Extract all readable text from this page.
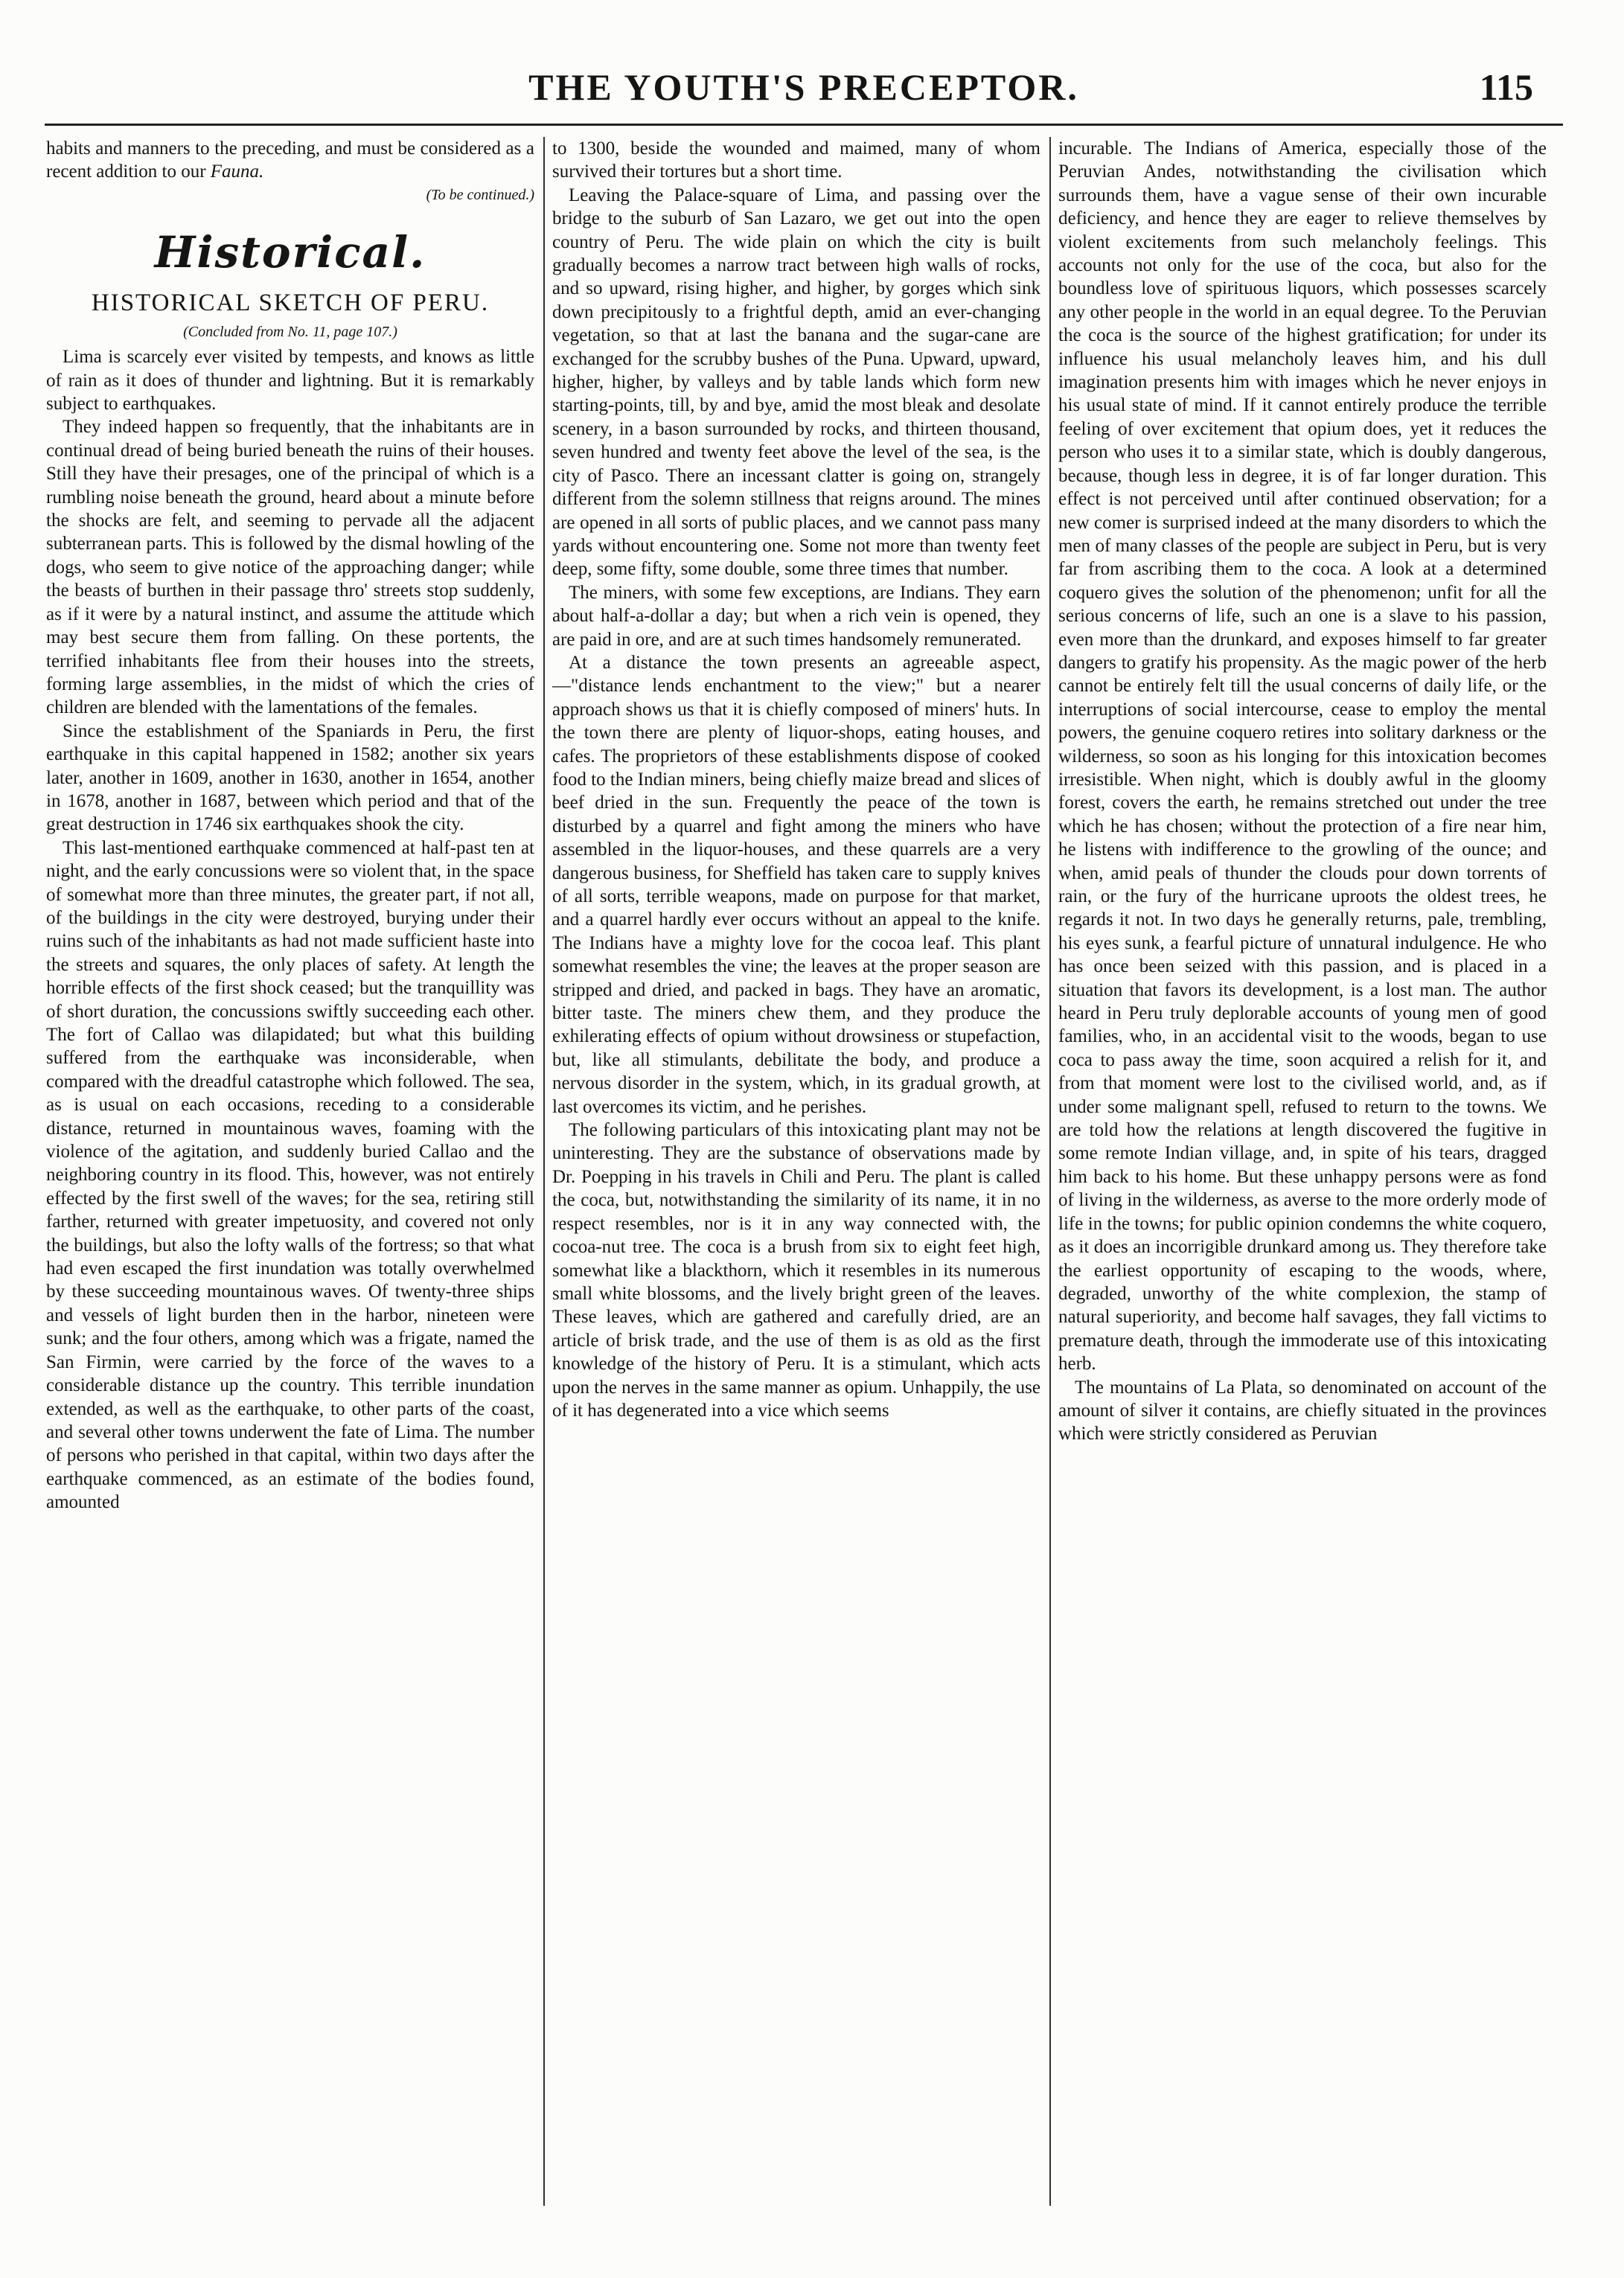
THE YOUTH'S PRECEPTOR.	115

habits and manners to the preceding, and must be considered as a recent addition to our Fauna.

(To be continued.)

Historical.
HISTORICAL SKETCH OF PERU.
(Concluded from No. 11, page 107.)

Lima is scarcely ever visited by tempests, and knows as little of rain as it does of thunder and lightning. But it is remarkably subject to earthquakes.

They indeed happen so frequently, that the inhabitants are in continual dread of being buried beneath the ruins of their houses. Still they have their presages, one of the principal of which is a rumbling noise beneath the ground, heard about a minute before the shocks are felt, and seeming to pervade all the adjacent subterranean parts. This is followed by the dismal howling of the dogs, who seem to give notice of the approaching danger; while the beasts of burthen in their passage thro' streets stop suddenly, as if it were by a natural instinct, and assume the attitude which may best secure them from falling. On these portents, the terrified inhabitants flee from their houses into the streets, forming large assemblies, in the midst of which the cries of children are blended with the lamentations of the females.

Since the establishment of the Spaniards in Peru, the first earthquake in this capital happened in 1582; another six years later, another in 1609, another in 1630, another in 1654, another in 1678, another in 1687, between which period and that of the great destruction in 1746 six earthquakes shook the city.

This last-mentioned earthquake commenced at half-past ten at night, and the early concussions were so violent that, in the space of somewhat more than three minutes, the greater part, if not all, of the buildings in the city were destroyed, burying under their ruins such of the inhabitants as had not made sufficient haste into the streets and squares, the only places of safety. At length the horrible effects of the first shock ceased; but the tranquillity was of short duration, the concussions swiftly succeeding each other. The fort of Callao was dilapidated; but what this building suffered from the earthquake was inconsiderable, when compared with the dreadful catastrophe which followed. The sea, as is usual on each occasions, receding to a considerable distance, returned in mountainous waves, foaming with the violence of the agitation, and suddenly buried Callao and the neighboring country in its flood. This, however, was not entirely effected by the first swell of the waves; for the sea, retiring still farther, returned with greater impetuosity, and covered not only the buildings, but also the lofty walls of the fortress; so that what had even escaped the first inundation was totally overwhelmed by these succeeding mountainous waves. Of twenty-three ships and vessels of light burden then in the harbor, nineteen were sunk; and the four others, among which was a frigate, named the San Firmin, were carried by the force of the waves to a considerable distance up the country. This terrible inundation extended, as well as the earthquake, to other parts of the coast, and several other towns underwent the fate of Lima. The number of persons who perished in that capital, within two days after the earthquake commenced, as an estimate of the bodies found, amounted

to 1300, beside the wounded and maimed, many of whom survived their tortures but a short time.

Leaving the Palace-square of Lima, and passing over the bridge to the suburb of San Lazaro, we get out into the open country of Peru. The wide plain on which the city is built gradually becomes a narrow tract between high walls of rocks, and so upward, rising higher, and higher, by gorges which sink down precipitously to a frightful depth, amid an ever-changing vegetation, so that at last the banana and the sugar-cane are exchanged for the scrubby bushes of the Puna. Upward, upward, higher, higher, by valleys and by table lands which form new starting-points, till, by and bye, amid the most bleak and desolate scenery, in a bason surrounded by rocks, and thirteen thousand, seven hundred and twenty feet above the level of the sea, is the city of Pasco. There an incessant clatter is going on, strangely different from the solemn stillness that reigns around. The mines are opened in all sorts of public places, and we cannot pass many yards without encountering one. Some not more than twenty feet deep, some fifty, some double, some three times that number.

The miners, with some few exceptions, are Indians. They earn about half-a-dollar a day; but when a rich vein is opened, they are paid in ore, and are at such times handsomely remunerated.

At a distance the town presents an agreeable aspect,—"distance lends enchantment to the view;" but a nearer approach shows us that it is chiefly composed of miners' huts. In the town there are plenty of liquor-shops, eating houses, and cafes. The proprietors of these establishments dispose of cooked food to the Indian miners, being chiefly maize bread and slices of beef dried in the sun. Frequently the peace of the town is disturbed by a quarrel and fight among the miners who have assembled in the liquor-houses, and these quarrels are a very dangerous business, for Sheffield has taken care to supply knives of all sorts, terrible weapons, made on purpose for that market, and a quarrel hardly ever occurs without an appeal to the knife. The Indians have a mighty love for the cocoa leaf. This plant somewhat resembles the vine; the leaves at the proper season are stripped and dried, and packed in bags. They have an aromatic, bitter taste. The miners chew them, and they produce the exhilerating effects of opium without drowsiness or stupefaction, but, like all stimulants, debilitate the body, and produce a nervous disorder in the system, which, in its gradual growth, at last overcomes its victim, and he perishes.

The following particulars of this intoxicating plant may not be uninteresting. They are the substance of observations made by Dr. Poepping in his travels in Chili and Peru. The plant is called the coca, but, notwithstanding the similarity of its name, it in no respect resembles, nor is it in any way connected with, the cocoa-nut tree. The coca is a brush from six to eight feet high, somewhat like a blackthorn, which it resembles in its numerous small white blossoms, and the lively bright green of the leaves. These leaves, which are gathered and carefully dried, are an article of brisk trade, and the use of them is as old as the first knowledge of the history of Peru. It is a stimulant, which acts upon the nerves in the same manner as opium. Unhappily, the use of it has degenerated into a vice which seems

incurable. The Indians of America, especially those of the Peruvian Andes, notwithstanding the civilisation which surrounds them, have a vague sense of their own incurable deficiency, and hence they are eager to relieve themselves by violent excitements from such melancholy feelings. This accounts not only for the use of the coca, but also for the boundless love of spirituous liquors, which possesses scarcely any other people in the world in an equal degree. To the Peruvian the coca is the source of the highest gratification; for under its influence his usual melancholy leaves him, and his dull imagination presents him with images which he never enjoys in his usual state of mind. If it cannot entirely produce the terrible feeling of over excitement that opium does, yet it reduces the person who uses it to a similar state, which is doubly dangerous, because, though less in degree, it is of far longer duration. This effect is not perceived until after continued observation; for a new comer is surprised indeed at the many disorders to which the men of many classes of the people are subject in Peru, but is very far from ascribing them to the coca. A look at a determined coquero gives the solution of the phenomenon; unfit for all the serious concerns of life, such an one is a slave to his passion, even more than the drunkard, and exposes himself to far greater dangers to gratify his propensity. As the magic power of the herb cannot be entirely felt till the usual concerns of daily life, or the interruptions of social intercourse, cease to employ the mental powers, the genuine coquero retires into solitary darkness or the wilderness, so soon as his longing for this intoxication becomes irresistible. When night, which is doubly awful in the gloomy forest, covers the earth, he remains stretched out under the tree which he has chosen; without the protection of a fire near him, he listens with indifference to the growling of the ounce; and when, amid peals of thunder the clouds pour down torrents of rain, or the fury of the hurricane uproots the oldest trees, he regards it not. In two days he generally returns, pale, trembling, his eyes sunk, a fearful picture of unnatural indulgence. He who has once been seized with this passion, and is placed in a situation that favors its development, is a lost man. The author heard in Peru truly deplorable accounts of young men of good families, who, in an accidental visit to the woods, began to use coca to pass away the time, soon acquired a relish for it, and from that moment were lost to the civilised world, and, as if under some malignant spell, refused to return to the towns. We are told how the relations at length discovered the fugitive in some remote Indian village, and, in spite of his tears, dragged him back to his home. But these unhappy persons were as fond of living in the wilderness, as averse to the more orderly mode of life in the towns; for public opinion condemns the white coquero, as it does an incorrigible drunkard among us. They therefore take the earliest opportunity of escaping to the woods, where, degraded, unworthy of the white complexion, the stamp of natural superiority, and become half savages, they fall victims to premature death, through the immoderate use of this intoxicating herb.

The mountains of La Plata, so denominated on account of the amount of silver it contains, are chiefly situated in the provinces which were strictly considered as Peruvian
